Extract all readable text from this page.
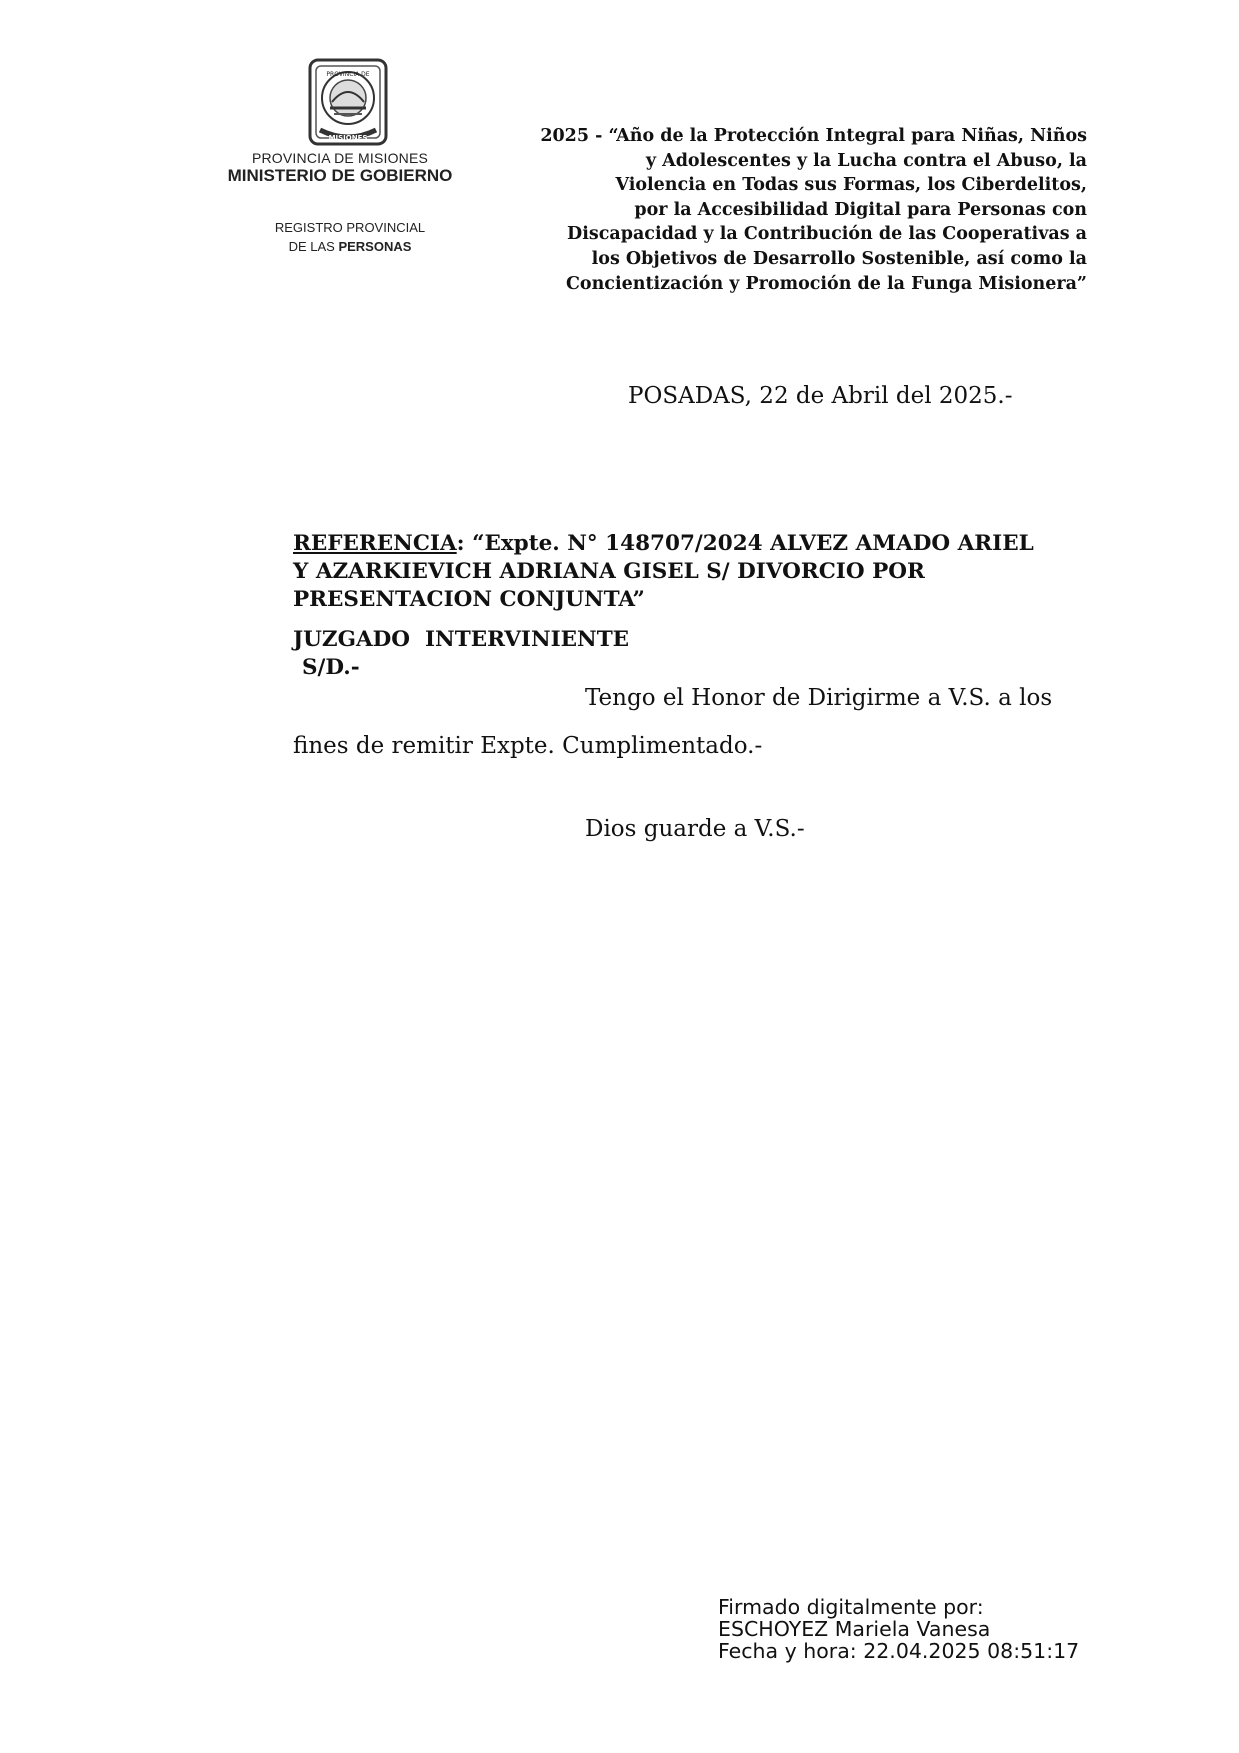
PROVINCIA DE
MISIONES
PROVINCIA DE MISIONES
MINISTERIO DE GOBIERNO
REGISTRO PROVINCIAL
DE LAS PERSONAS
2025 - “Año de la Protección Integral para Niñas, Niños
y Adolescentes y la Lucha contra el Abuso, la
Violencia en Todas sus Formas, los Ciberdelitos,
por la Accesibilidad Digital para Personas con
Discapacidad y la Contribución de las Cooperativas a
los Objetivos de Desarrollo Sostenible, así como la
Concientización y Promoción de la Funga Misionera”
POSADAS, 22 de Abril del 2025.-
REFERENCIA: “Expte. N° 148707/2024 ALVEZ AMADO ARIEL
Y AZARKIEVICH ADRIANA GISEL S/ DIVORCIO POR
PRESENTACION CONJUNTA”
JUZGADO  INTERVINIENTE
S/D.-
Tengo el Honor de Dirigirme a V.S. a los
fines de remitir Expte. Cumplimentado.-
Dios guarde a V.S.-
Firmado digitalmente por:
ESCHOYEZ Mariela Vanesa
Fecha y hora: 22.04.2025 08:51:17
